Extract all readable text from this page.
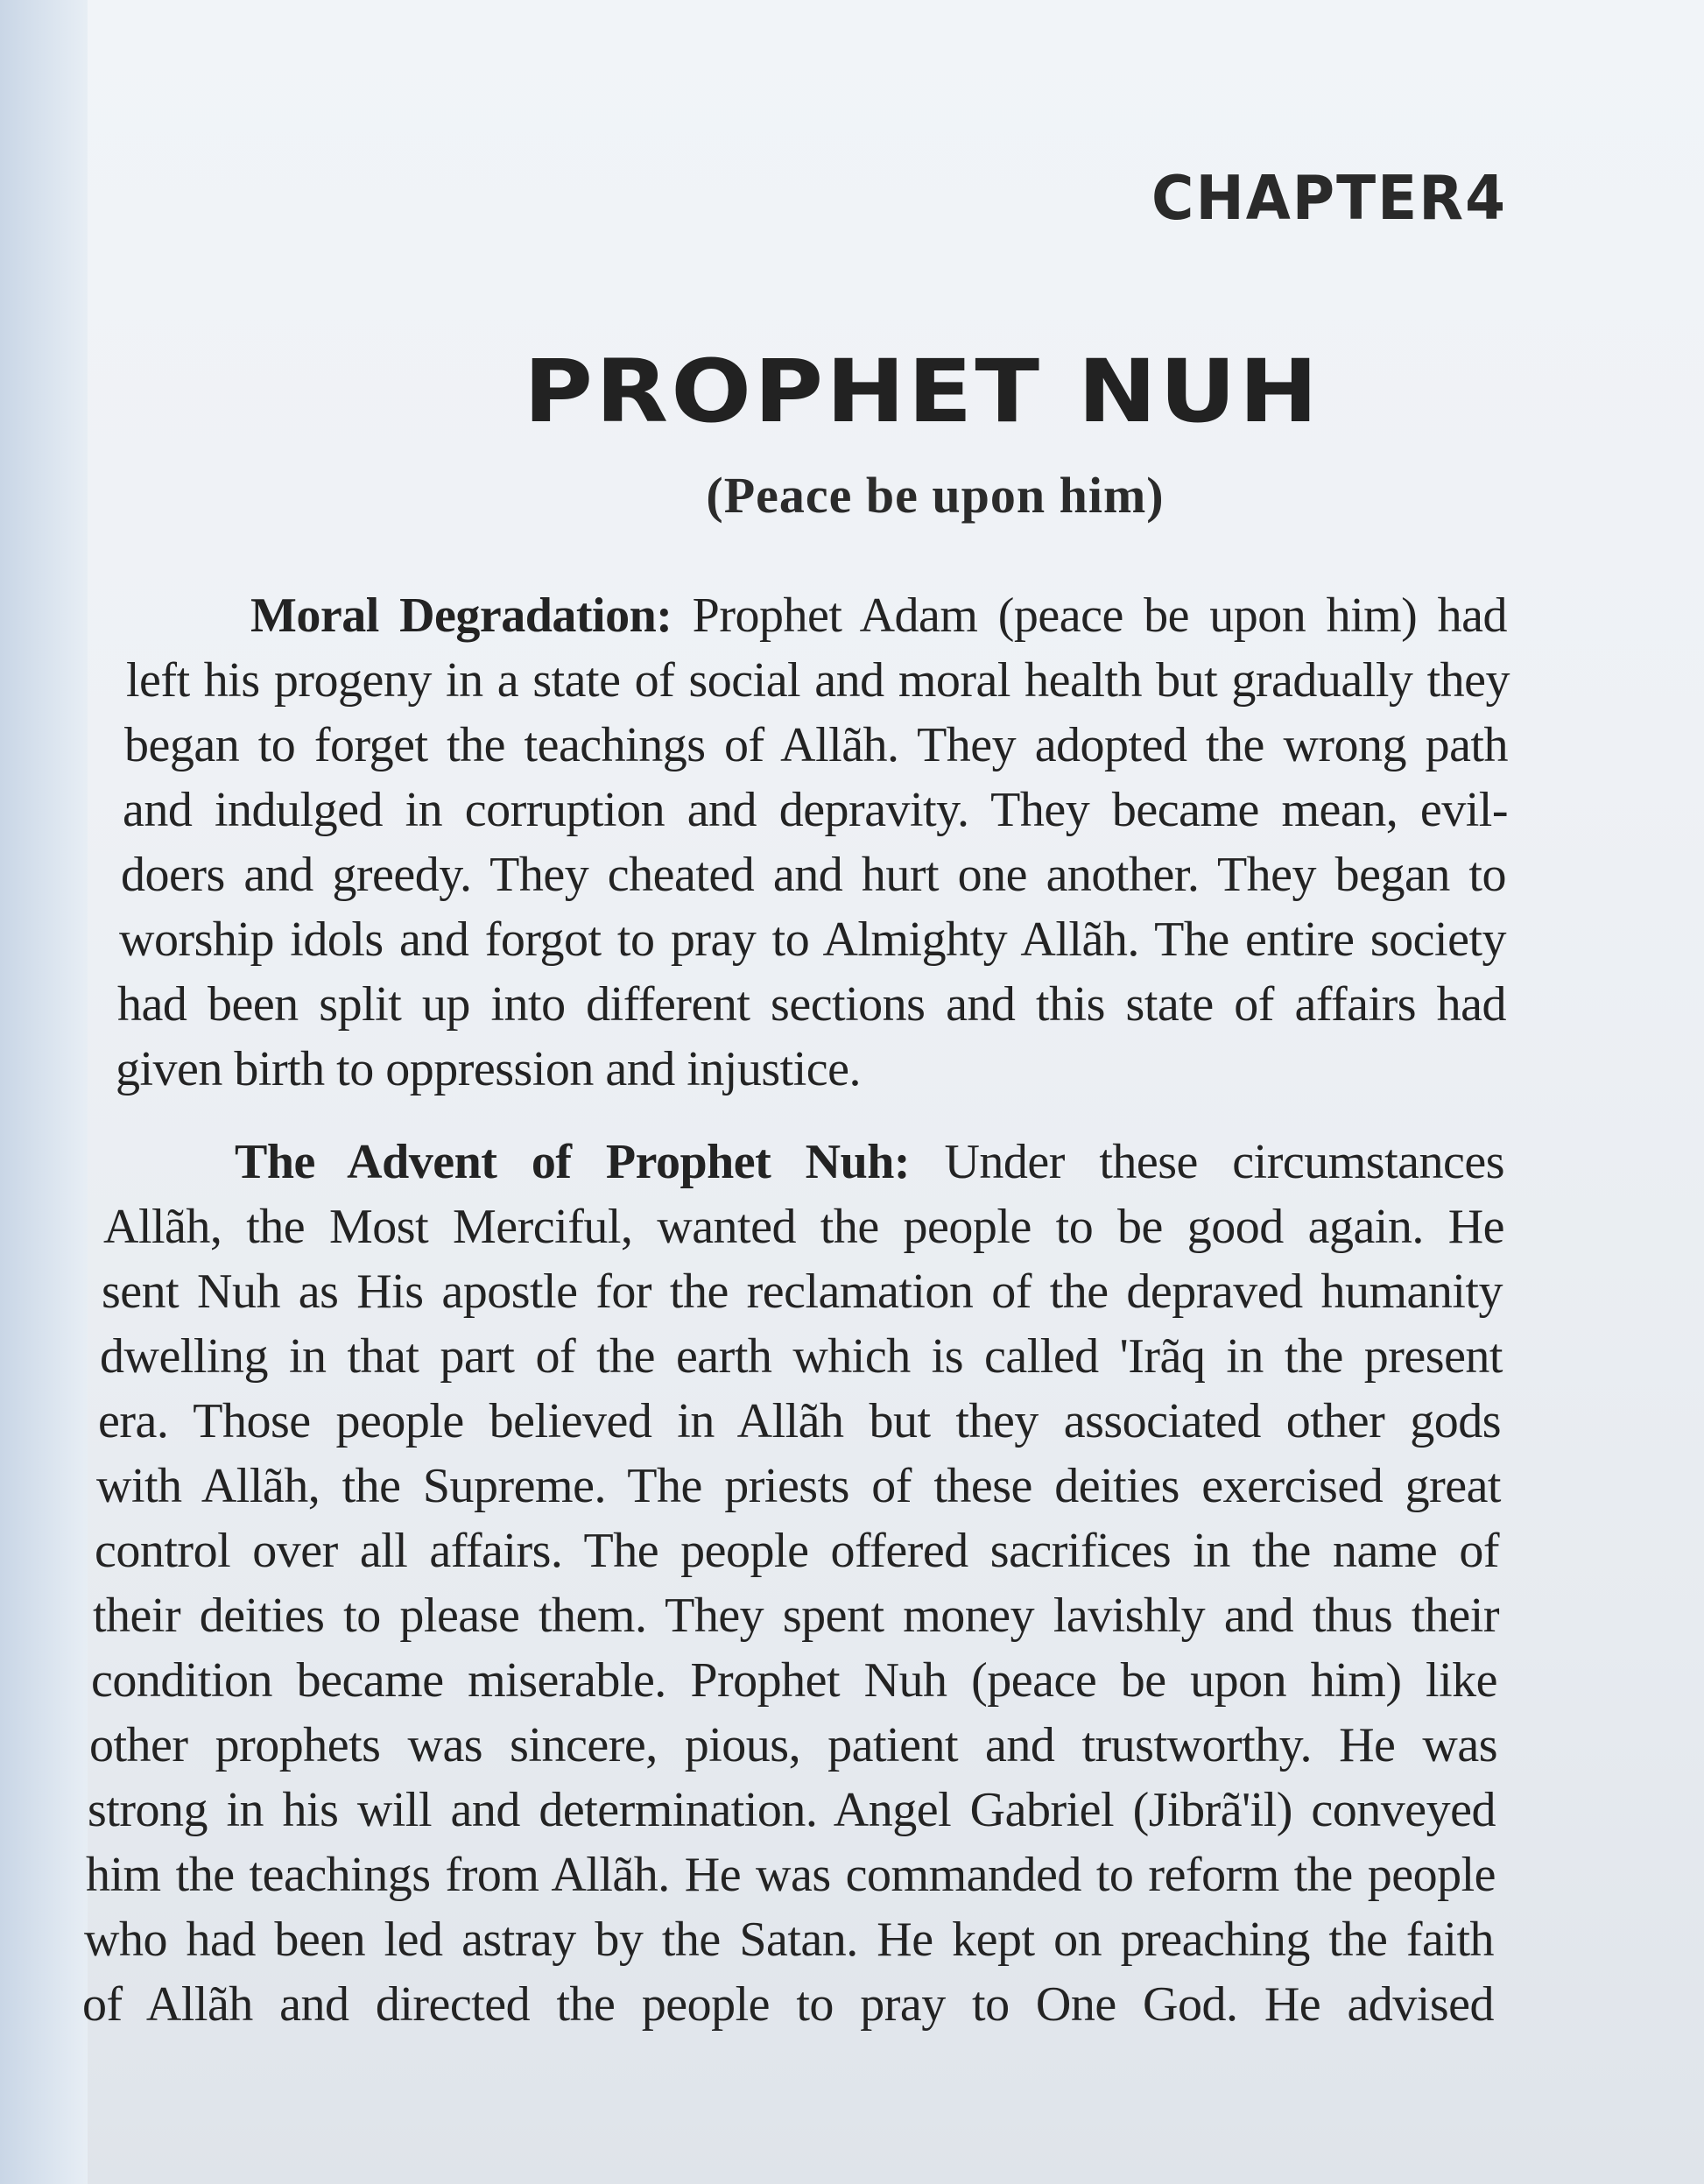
CHAPTER4
PROPHET NUH
(Peace be upon him)
Moral Degradation: Prophet Adam (peace be upon him) had
left his progeny in a state of social and moral health but gradually they
began to forget the teachings of Allãh. They adopted the wrong path
and indulged in corruption and depravity. They became mean, evil-
doers and greedy. They cheated and hurt one another. They began to
worship idols and forgot to pray to Almighty Allãh. The entire society
had been split up into different sections and this state of affairs had
given birth to oppression and injustice.
The Advent of Prophet Nuh: Under these circumstances
Allãh, the Most Merciful, wanted the people to be good again. He
sent Nuh as His apostle for the reclamation of the depraved humanity
dwelling in that part of the earth which is called 'Irãq in the present
era. Those people believed in Allãh but they associated other gods
with Allãh, the Supreme. The priests of these deities exercised great
control over all affairs. The people offered sacrifices in the name of
their deities to please them. They spent money lavishly and thus their
condition became miserable. Prophet Nuh (peace be upon him) like
other prophets was sincere, pious, patient and trustworthy. He was
strong in his will and determination. Angel Gabriel (Jibrã'il) conveyed
him the teachings from Allãh. He was commanded to reform the people
who had been led astray by the Satan. He kept on preaching the faith
of Allãh and directed the people to pray to One God. He advised
